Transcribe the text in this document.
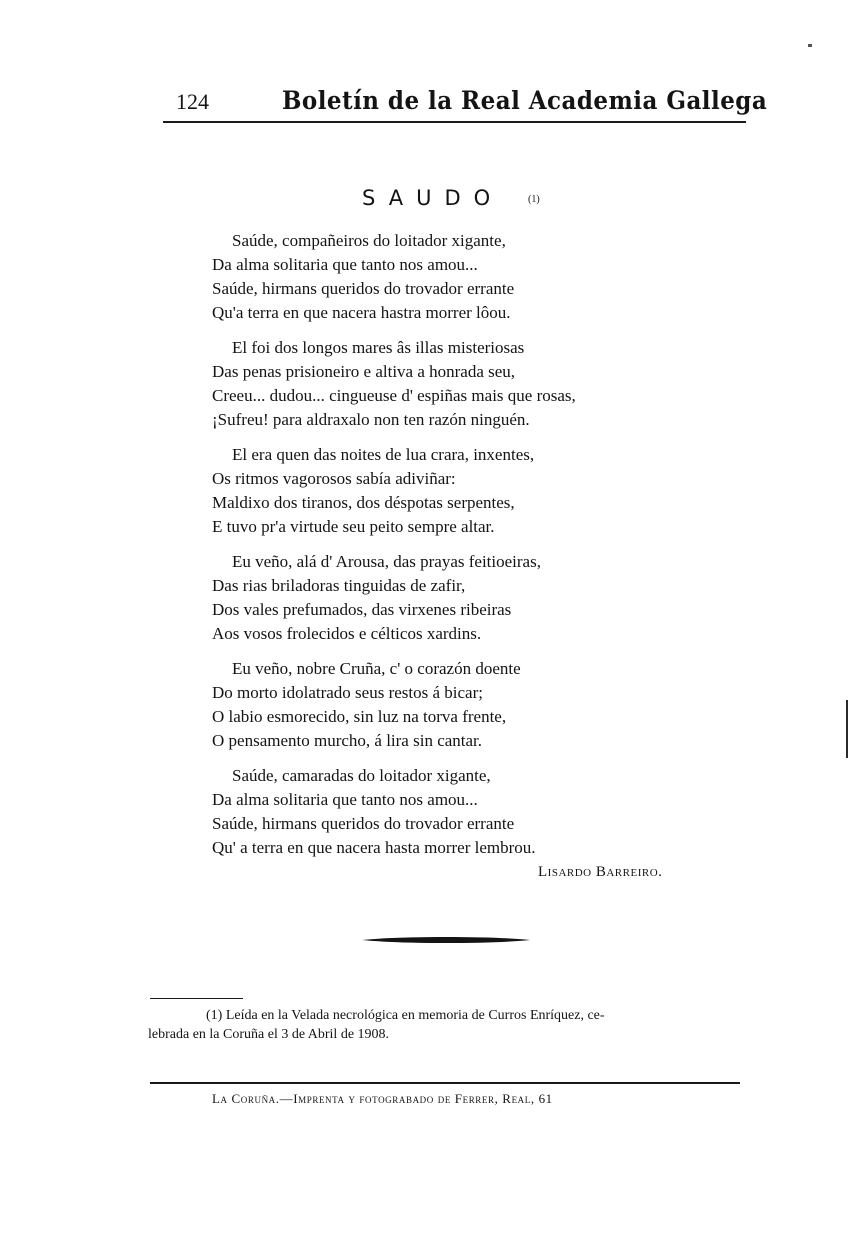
124	Boletín de la Real Academia Gallega
SAUDO (1)
Saúde, compañeiros do loitador xigante,
Da alma solitaria que tanto nos amou...
Saúde, hirmans queridos do trovador errante
Qu'a terra en que nacera hastra morrer lôou.
El foi dos longos mares âs illas misteriosas
Das penas prisioneiro e altiva a honrada seu,
Creeu... dudou... cingueuse d' espiñas mais que rosas,
¡Sufreu! para aldraxalo non ten razón ninguén.
El era quen das noites de lua crara, inxentes,
Os ritmos vagorosos sabía adiviñar:
Maldixo dos tiranos, dos déspotas serpentes,
E tuvo pr'a virtude seu peito sempre altar.
Eu veño, alá d' Arousa, das prayas feitioeiras,
Das rias briladoras tinguidas de zafir,
Dos vales prefumados, das virxenes ribeiras
Aos vosos frolecidos e célticos xardins.
Eu veño, nobre Cruña, c' o corazón doente
Do morto idolatrado seus restos á bicar;
O labio esmorecido, sin luz na torva frente,
O pensamento murcho, á lira sin cantar.
Saúde, camaradas do loitador xigante,
Da alma solitaria que tanto nos amou...
Saúde, hirmans queridos do trovador errante
Qu' a terra en que nacera hasta morrer lembrou.
Lisardo Barreiro.
(1) Leída en la Velada necrológica en memoria de Curros Enríquez, ce-
lebrada en la Coruña el 3 de Abril de 1908.
La Coruña.—Imprenta y fotograbado de Ferrer, Real, 61
